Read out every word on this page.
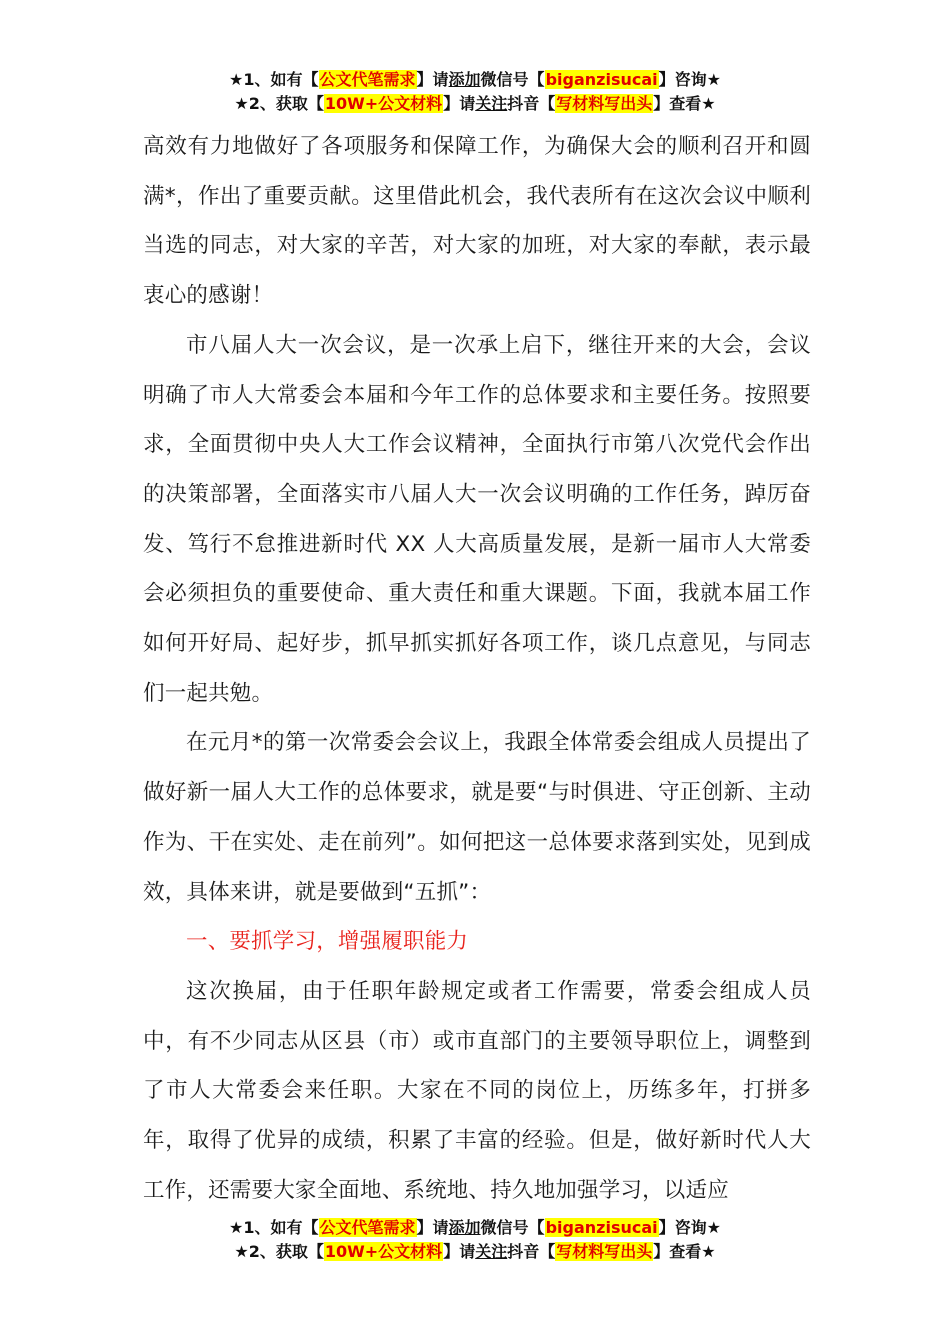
★1、如有【公文代笔需求】请添加微信号【biganzisucai】咨询★
★2、获取【10W+公文材料】请关注抖音【写材料写出头】查看★

高效有力地做好了各项服务和保障工作，为确保大会的顺利召开和圆满*，作出了重要贡献。这里借此机会，我代表所有在这次会议中顺利当选的同志，对大家的辛苦，对大家的加班，对大家的奉献，表示最衷心的感谢！

市八届人大一次会议，是一次承上启下，继往开来的大会，会议明确了市人大常委会本届和今年工作的总体要求和主要任务。按照要求，全面贯彻中央人大工作会议精神，全面执行市第八次党代会作出的决策部署，全面落实市八届人大一次会议明确的工作任务，踔厉奋发、笃行不怠推进新时代 XX 人大高质量发展，是新一届市人大常委会必须担负的重要使命、重大责任和重大课题。下面，我就本届工作如何开好局、起好步，抓早抓实抓好各项工作，谈几点意见，与同志们一起共勉。

在元月*的第一次常委会会议上，我跟全体常委会组成人员提出了做好新一届人大工作的总体要求，就是要“与时俱进、守正创新、主动作为、干在实处、走在前列”。如何把这一总体要求落到实处，见到成效，具体来讲，就是要做到“五抓”：

一、要抓学习，增强履职能力

这次换届，由于任职年龄规定或者工作需要，常委会组成人员中，有不少同志从区县（市）或市直部门的主要领导职位上，调整到了市人大常委会来任职。大家在不同的岗位上，历练多年，打拼多年，取得了优异的成绩，积累了丰富的经验。但是，做好新时代人大工作，还需要大家全面地、系统地、持久地加强学习，以适应

★1、如有【公文代笔需求】请添加微信号【biganzisucai】咨询★
★2、获取【10W+公文材料】请关注抖音【写材料写出头】查看★
